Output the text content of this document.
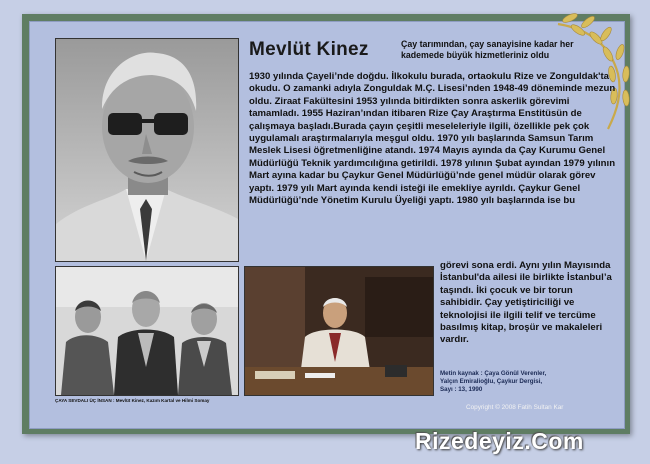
ÇAYA SEVDALI ÜÇ İNSAN : Mevlüt Kinez, Kazım Kartal ve Hilmi Somay
Mevlüt Kinez	Çay tarımından, çay sanayisine kadar her kademede büyük hizmetleriniz oldu

1930 yılında Çayeli’nde doğdu. İlkokulu burada, ortaokulu Rize ve Zonguldak'ta okudu. O zamanki adıyla Zonguldak M.Ç. Lisesi’nden 1948-49 döneminde mezun oldu. Ziraat Fakültesini 1953 yılında bitirdikten sonra askerlik görevimi tamamladı. 1955 Haziran’ından itibaren Rize Çay Araştırma Enstitüsün de çalışmaya başladı.Burada çayın çeşitli meseleleriyle ilgili, özellikle pek çok uygulamalı araştırmalarıyla meşgul oldu. 1970 yılı başlarında Samsun Tarım Meslek Lisesi öğretmenliğine atandı. 1974 Mayıs ayında da Çay Kurumu Genel Müdürlüğü Teknik yardımcılığına getirildi. 1978 yılının Şubat ayından 1979 yılının Mart ayına kadar bu Çaykur Genel Müdürlüğü’nde genel müdür olarak görev yaptı. 1979 yılı Mart ayında kendi isteği ile emekliye ayrıldı. Çaykur Genel Müdürlüğü’nde Yönetim Kurulu Üyeliği yaptı. 1980 yılı başlarında ise bu

görevi sona erdi. Aynı yılın Mayısında İstanbul'da ailesi ile birlikte İstanbul’a taşındı. İki çocuk ve bir torun sahibidir. Çay yetiştiriciliği ve teknolojisi ile ilgili telif ve tercüme basılmış kitap, broşür ve makaleleri vardır.

Metin kaynak : Çaya Gönül Verenler,
Yalçın Emiralioğlu, Çaykur Dergisi,
Sayı : 13, 1990
Copyright © 2008 Fatih Sultan Kar
Rizedeyiz.Com
